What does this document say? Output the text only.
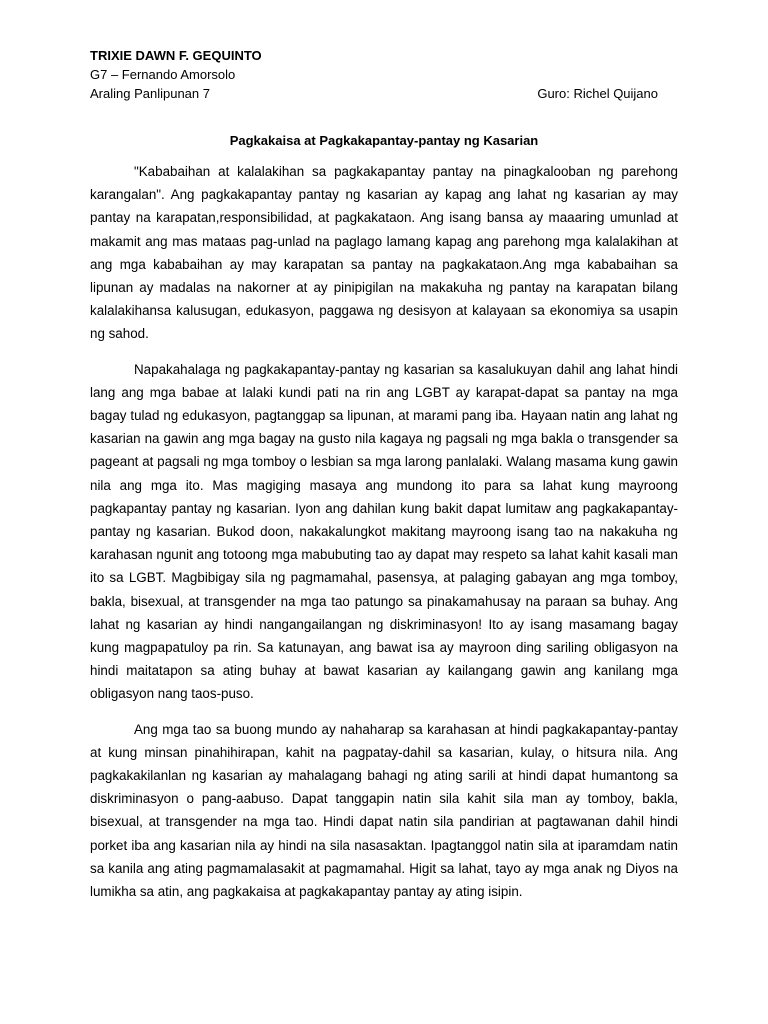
TRIXIE DAWN F. GEQUINTO
G7 – Fernando Amorsolo
Araling Panlipunan 7	Guro: Richel Quijano
Pagkakaisa at Pagkakapantay-pantay ng Kasarian

"Kababaihan at kalalakihan sa pagkakapantay pantay na pinagkalooban ng parehong karangalan". Ang pagkakapantay pantay ng kasarian ay kapag ang lahat ng kasarian ay may pantay na karapatan,responsibilidad, at pagkakataon. Ang isang bansa ay maaaring umunlad at makamit ang mas mataas pag-unlad na paglago lamang kapag ang parehong mga kalalakihan at ang mga kababaihan ay may karapatan sa pantay na pagkakataon.Ang mga kababaihan sa lipunan ay madalas na nakorner at ay pinipigilan na makakuha ng pantay na karapatan bilang kalalakihansa kalusugan, edukasyon, paggawa ng desisyon at kalayaan sa ekonomiya sa usapin ng sahod.

Napakahalaga ng pagkakapantay-pantay ng kasarian sa kasalukuyan dahil ang lahat hindi lang ang mga babae at lalaki kundi pati na rin ang LGBT ay karapat-dapat sa pantay na mga bagay tulad ng edukasyon, pagtanggap sa lipunan, at marami pang iba. Hayaan natin ang lahat ng kasarian na gawin ang mga bagay na gusto nila kagaya ng pagsali ng mga bakla o transgender sa pageant at pagsali ng mga tomboy o lesbian sa mga larong panlalaki. Walang masama kung gawin nila ang mga ito. Mas magiging masaya ang mundong ito para sa lahat kung mayroong pagkapantay pantay ng kasarian. Iyon ang dahilan kung bakit dapat lumitaw ang pagkakapantay-pantay ng kasarian. Bukod doon, nakakalungkot makitang mayroong isang tao na nakakuha ng karahasan ngunit ang totoong mga mabubuting tao ay dapat may respeto sa lahat kahit kasali man ito sa LGBT. Magbibigay sila ng pagmamahal, pasensya, at palaging gabayan ang mga tomboy, bakla, bisexual, at transgender na mga tao patungo sa pinakamahusay na paraan sa buhay. Ang lahat ng kasarian ay hindi nangangailangan ng diskriminasyon! Ito ay isang masamang bagay kung magpapatuloy pa rin. Sa katunayan, ang bawat isa ay mayroon ding sariling obligasyon na hindi maitatapon sa ating buhay at bawat kasarian ay kailangang gawin ang kanilang mga obligasyon nang taos-puso.

Ang mga tao sa buong mundo ay nahaharap sa karahasan at hindi pagkakapantay-pantay at kung minsan pinahihirapan, kahit na pagpatay-dahil sa kasarian, kulay, o hitsura nila. Ang pagkakakilanlan ng kasarian ay mahalagang bahagi ng ating sarili at hindi dapat humantong sa diskriminasyon o pang-aabuso. Dapat tanggapin natin sila kahit sila man ay tomboy, bakla, bisexual, at transgender na mga tao. Hindi dapat natin sila pandirian at pagtawanan dahil hindi porket iba ang kasarian nila ay hindi na sila nasasaktan. Ipagtanggol natin sila at iparamdam natin sa kanila ang ating pagmamalasakit at pagmamahal. Higit sa lahat, tayo ay mga anak ng Diyos na lumikha sa atin, ang pagkakaisa at pagkakapantay pantay ay ating isipin.
